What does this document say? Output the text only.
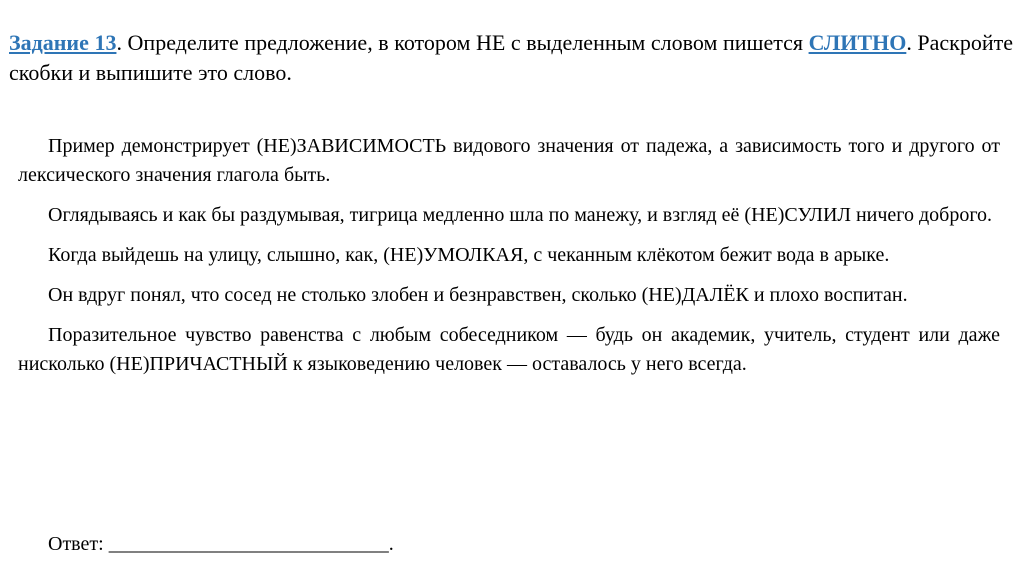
Задание 13. Определите предложение, в котором НЕ с выделенным словом пишется СЛИТНО. Раскройте скобки и выпишите это слово.

Пример демонстрирует (НЕ)ЗАВИСИМОСТЬ видового значения от падежа, а зависимость того и другого от лексического значения глагола быть.

Оглядываясь и как бы раздумывая, тигрица медленно шла по манежу, и взгляд её (НЕ)СУЛИЛ ничего доброго.

Когда выйдешь на улицу, слышно, как, (НЕ)УМОЛКАЯ, с чеканным клёкотом бежит вода в арыке.

Он вдруг понял, что сосед не столько злобен и безнравствен, сколько (НЕ)ДАЛЁК и плохо воспитан.

Поразительное чувство равенства с любым собеседником — будь он академик, учитель, студент или даже нисколько (НЕ)ПРИЧАСТНЫЙ к языковедению человек — оставалось у него всегда.

Ответ: ____________________________.
